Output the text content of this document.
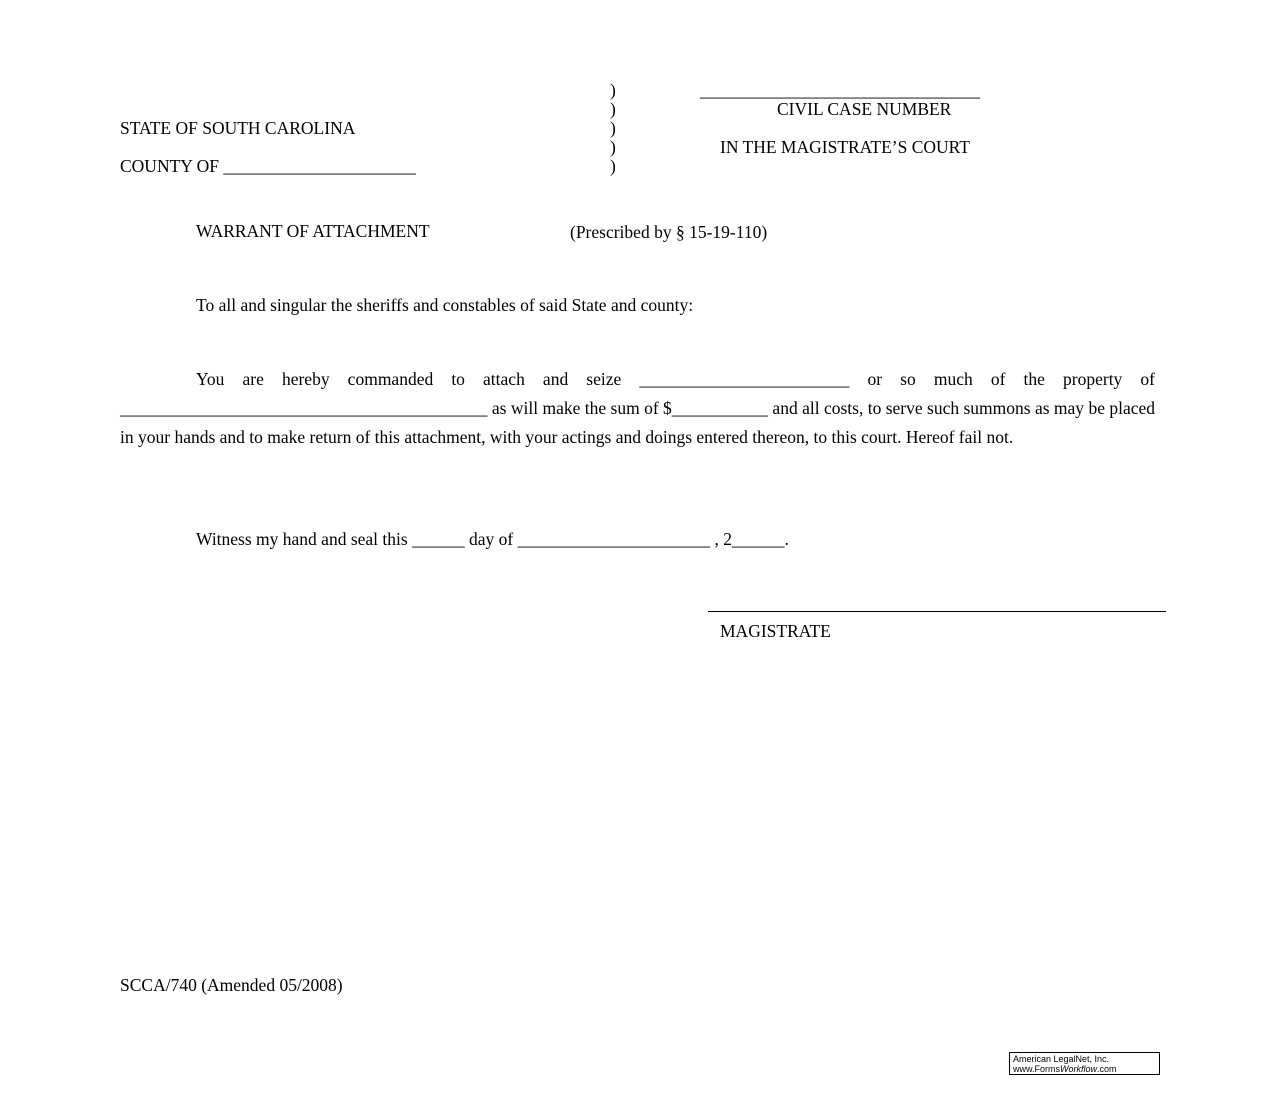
)
)
)
)
)
STATE OF SOUTH CAROLINA
COUNTY OF ______________________
________________________________
CIVIL CASE NUMBER
IN THE MAGISTRATE’S COURT
WARRANT OF ATTACHMENT	(Prescribed by § 15-19-110)
To all and singular the sheriffs and constables of said State and county:
You are hereby commanded to attach and seize ________________________ or so much of the property of __________________________________________ as will make the sum of $___________ and all costs, to serve such summons as may be placed in your hands and to make return of this attachment, with your actings and doings entered thereon, to this court. Hereof fail not.
Witness my hand and seal this ______ day of ______________________ , 2______.
MAGISTRATE
SCCA/740 (Amended 05/2008)
American LegalNet, Inc.
www.FormsWorkflow.com
